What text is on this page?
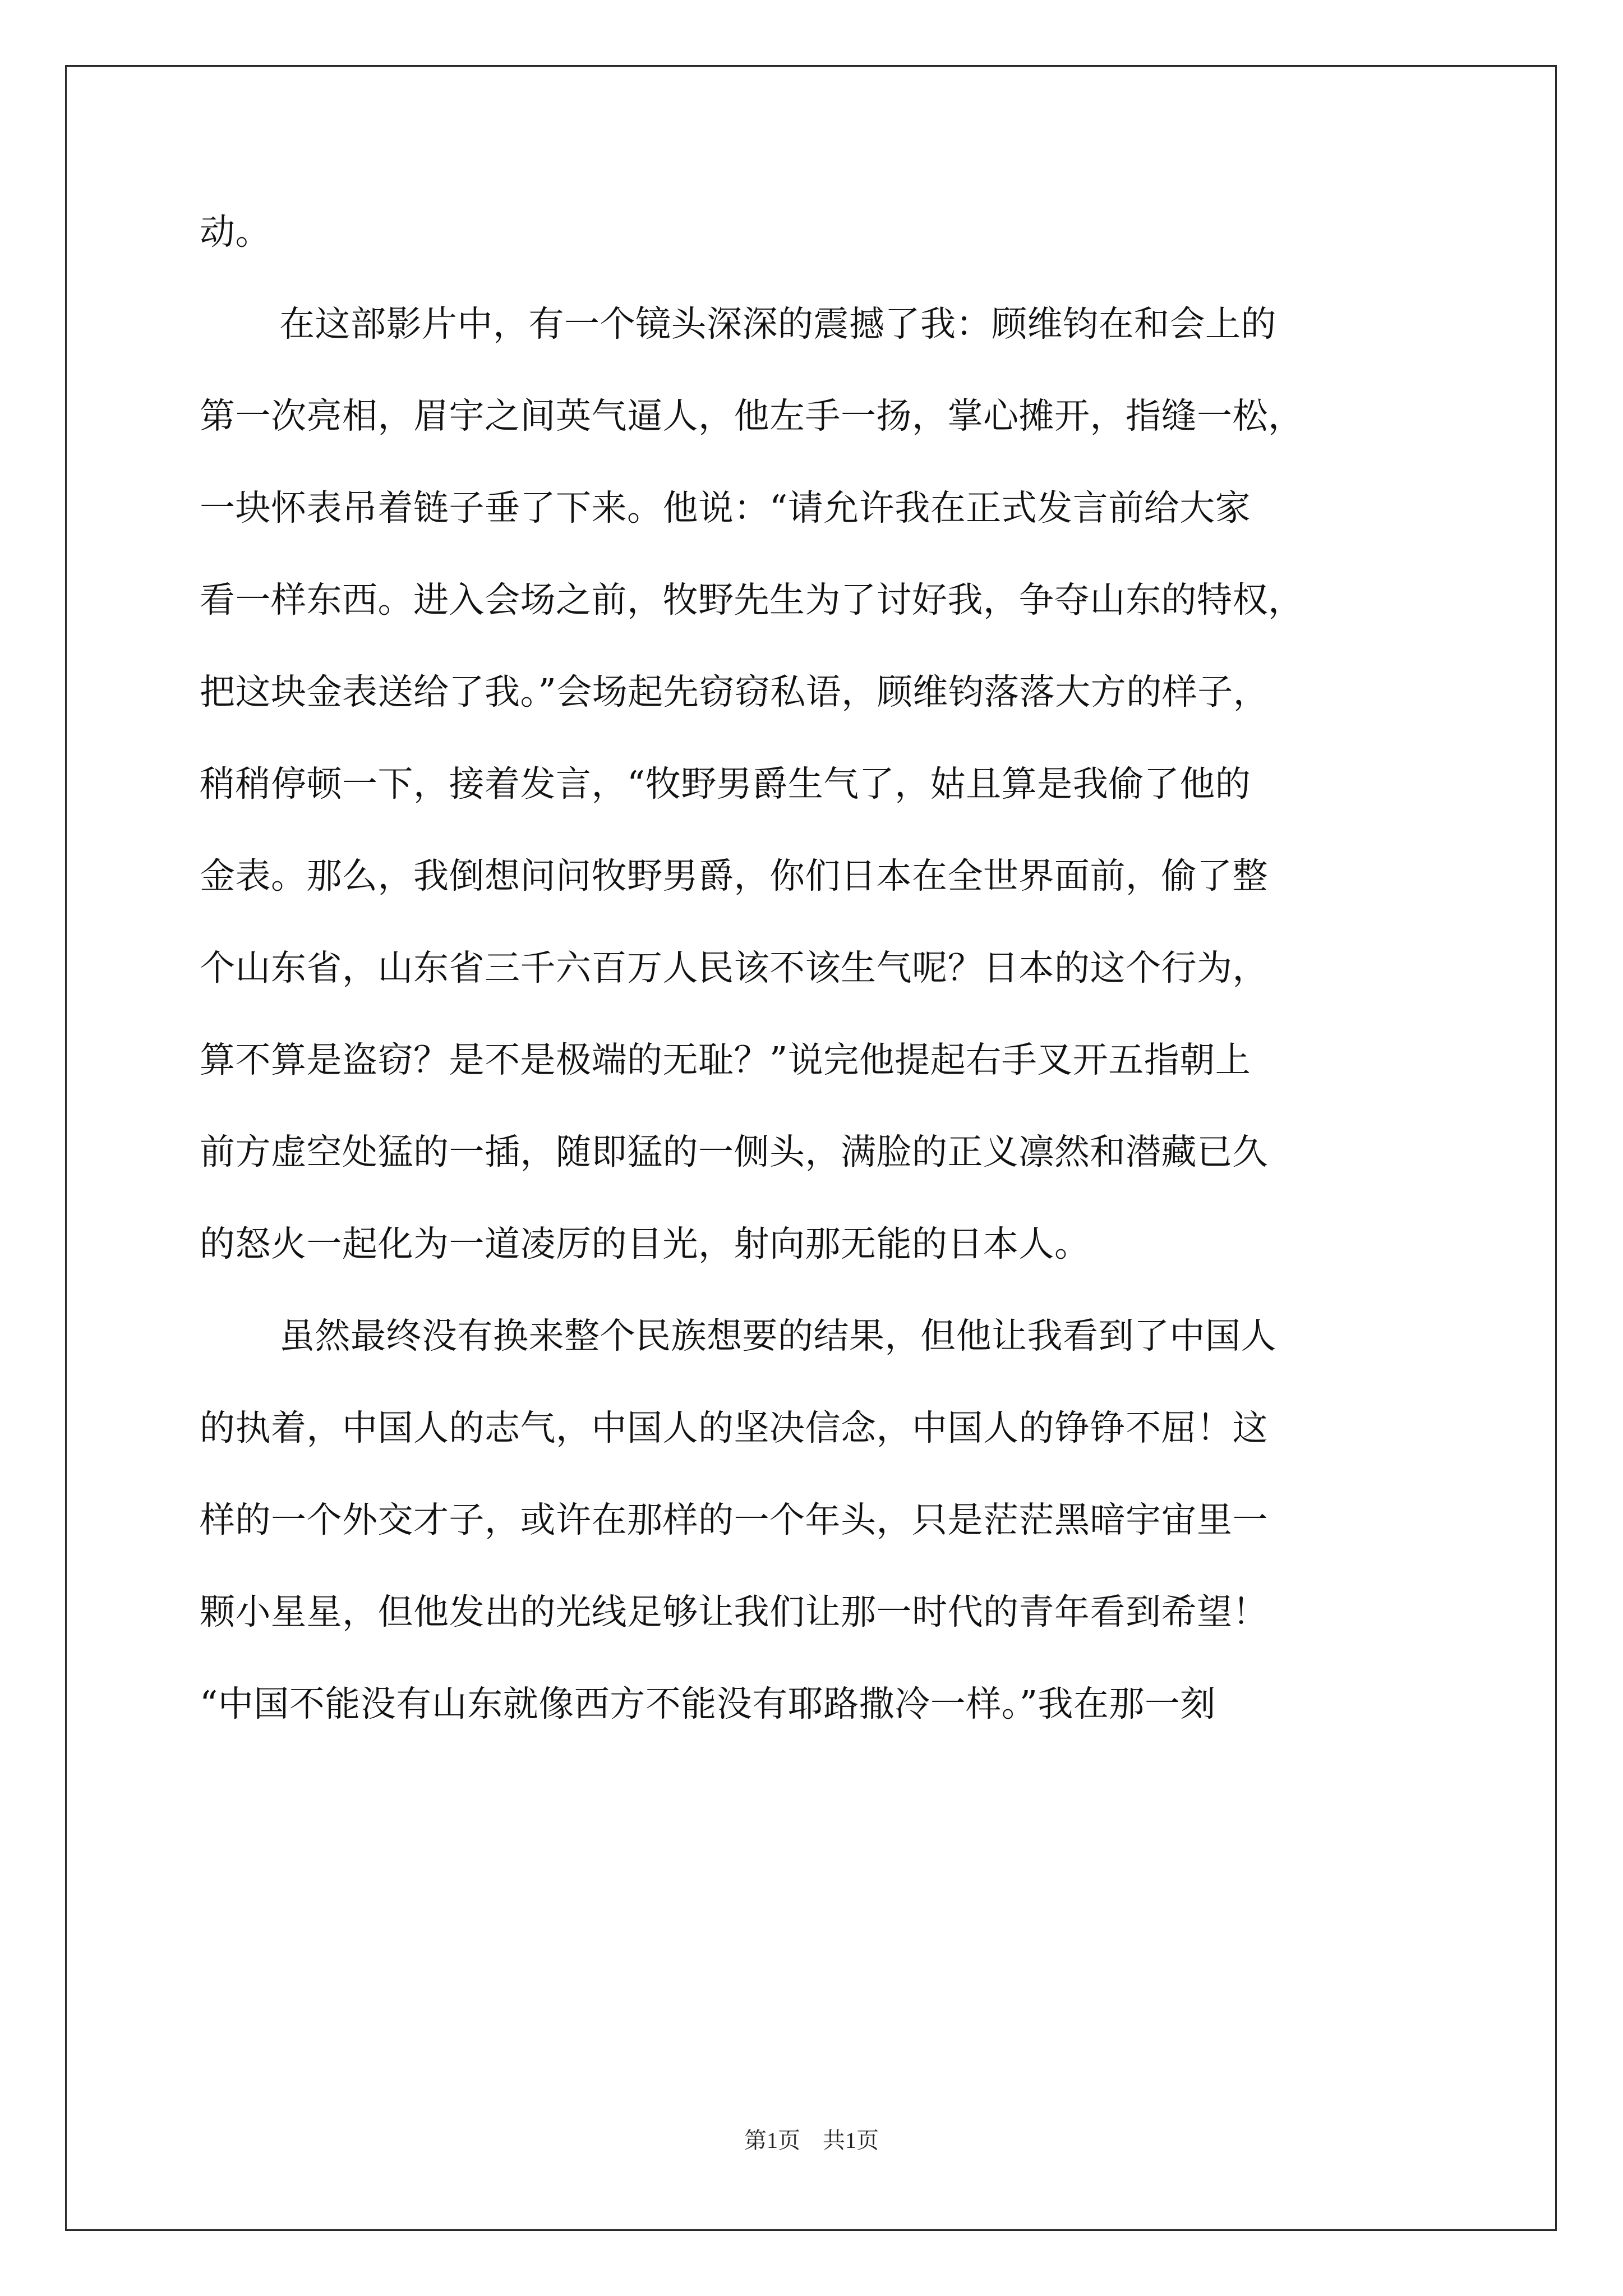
动。
在这部影片中，有一个镜头深深的震撼了我：顾维钧在和会上的
第一次亮相，眉宇之间英气逼人，他左手一扬，掌心摊开，指缝一松，
一块怀表吊着链子垂了下来。他说：“请允许我在正式发言前给大家
看一样东西。进入会场之前，牧野先生为了讨好我，争夺山东的特权，
把这块金表送给了我。”会场起先窃窃私语，顾维钧落落大方的样子，
稍稍停顿一下，接着发言，“牧野男爵生气了，姑且算是我偷了他的
金表。那么，我倒想问问牧野男爵，你们日本在全世界面前，偷了整
个山东省，山东省三千六百万人民该不该生气呢？日本的这个行为，
算不算是盗窃？是不是极端的无耻？”说完他提起右手叉开五指朝上
前方虚空处猛的一插，随即猛的一侧头，满脸的正义凛然和潜藏已久
的怒火一起化为一道凌厉的目光，射向那无能的日本人。
虽然最终没有换来整个民族想要的结果，但他让我看到了中国人
的执着，中国人的志气，中国人的坚决信念，中国人的铮铮不屈！这
样的一个外交才子，或许在那样的一个年头，只是茫茫黑暗宇宙里一
颗小星星，但他发出的光线足够让我们让那一时代的青年看到希望！
“中国不能没有山东就像西方不能没有耶路撒冷一样。”我在那一刻
第1页　共1页
